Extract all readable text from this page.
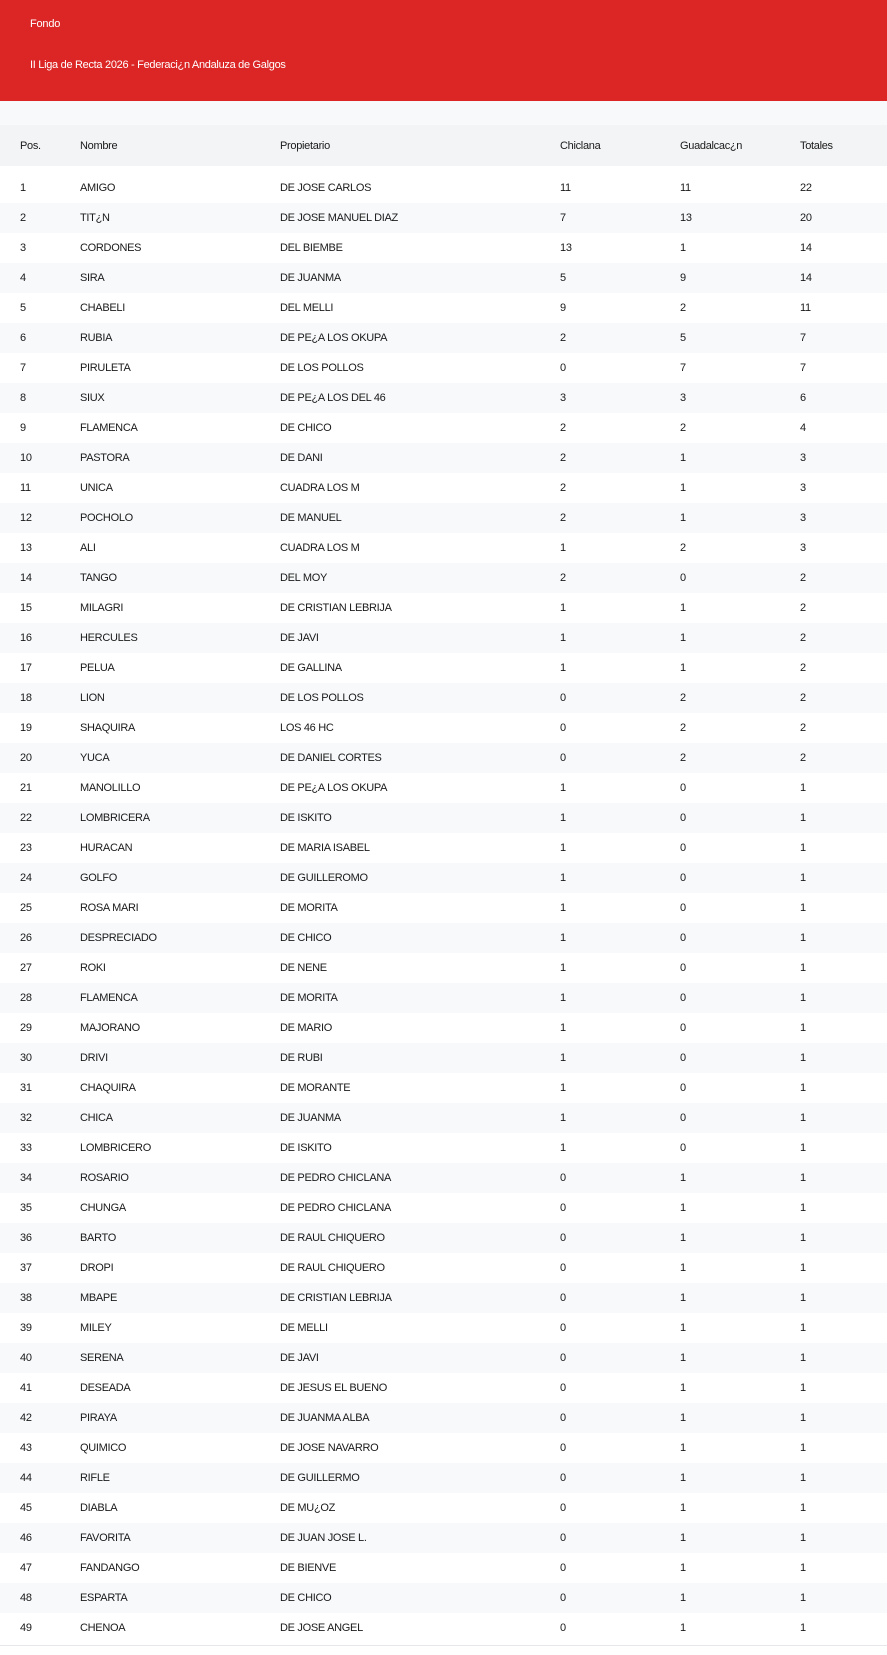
Fondo
II Liga de Recta 2026 - Federaci¿n Andaluza de Galgos
Pos.	Nombre	Propietario	Chiclana	Guadalcac¿n	Totales
1	AMIGO	DE JOSE CARLOS	11	11	22
2	TIT¿N	DE JOSE MANUEL DIAZ	7	13	20
3	CORDONES	DEL BIEMBE	13	1	14
4	SIRA	DE JUANMA	5	9	14
5	CHABELI	DEL MELLI	9	2	11
6	RUBIA	DE PE¿A LOS OKUPA	2	5	7
7	PIRULETA	DE LOS POLLOS	0	7	7
8	SIUX	DE PE¿A LOS DEL 46	3	3	6
9	FLAMENCA	DE CHICO	2	2	4
10	PASTORA	DE DANI	2	1	3
11	UNICA	CUADRA LOS M	2	1	3
12	POCHOLO	DE MANUEL	2	1	3
13	ALI	CUADRA LOS M	1	2	3
14	TANGO	DEL MOY	2	0	2
15	MILAGRI	DE CRISTIAN LEBRIJA	1	1	2
16	HERCULES	DE JAVI	1	1	2
17	PELUA	DE GALLINA	1	1	2
18	LION	DE LOS POLLOS	0	2	2
19	SHAQUIRA	LOS 46 HC	0	2	2
20	YUCA	DE DANIEL CORTES	0	2	2
21	MANOLILLO	DE PE¿A LOS OKUPA	1	0	1
22	LOMBRICERA	DE ISKITO	1	0	1
23	HURACAN	DE MARIA ISABEL	1	0	1
24	GOLFO	DE GUILLEROMO	1	0	1
25	ROSA MARI	DE MORITA	1	0	1
26	DESPRECIADO	DE CHICO	1	0	1
27	ROKI	DE NENE	1	0	1
28	FLAMENCA	DE MORITA	1	0	1
29	MAJORANO	DE MARIO	1	0	1
30	DRIVI	DE RUBI	1	0	1
31	CHAQUIRA	DE MORANTE	1	0	1
32	CHICA	DE JUANMA	1	0	1
33	LOMBRICERO	DE ISKITO	1	0	1
34	ROSARIO	DE PEDRO CHICLANA	0	1	1
35	CHUNGA	DE PEDRO CHICLANA	0	1	1
36	BARTO	DE RAUL CHIQUERO	0	1	1
37	DROPI	DE RAUL CHIQUERO	0	1	1
38	MBAPE	DE CRISTIAN LEBRIJA	0	1	1
39	MILEY	DE MELLI	0	1	1
40	SERENA	DE JAVI	0	1	1
41	DESEADA	DE JESUS EL BUENO	0	1	1
42	PIRAYA	DE JUANMA ALBA	0	1	1
43	QUIMICO	DE JOSE NAVARRO	0	1	1
44	RIFLE	DE GUILLERMO	0	1	1
45	DIABLA	DE MU¿OZ	0	1	1
46	FAVORITA	DE JUAN JOSE L.	0	1	1
47	FANDANGO	DE BIENVE	0	1	1
48	ESPARTA	DE CHICO	0	1	1
49	CHENOA	DE JOSE ANGEL	0	1	1
